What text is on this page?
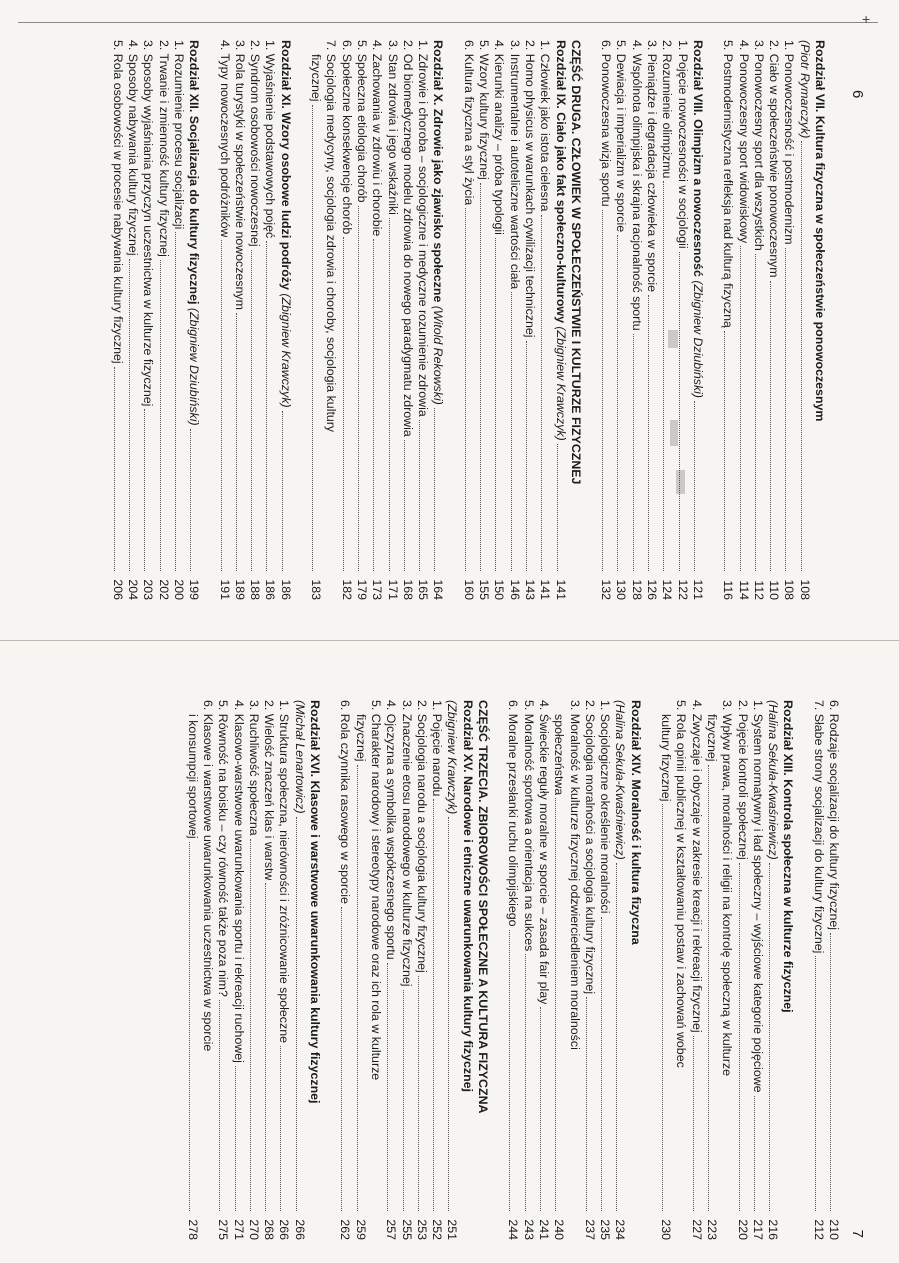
+
6
Rozdział VII. Kultura fizyczna w społeczeństwie ponowoczesnym
(Piotr Rymarczyk)
108
1. Ponowoczesność i postmodernizm
108
2. Ciało w społeczeństwie ponowoczesnym
110
3. Ponowoczesny sport dla wszystkich
112
4. Ponowoczesny sport widowiskowy
114
5. Postmodernistyczna refleksja nad kulturą fizyczną
116
Rozdział VIII. Olimpizm a nowoczesność (Zbigniew Dziubiński)
121
1. Pojęcie nowoczesności w socjologii
122
2. Rozumienie olimpizmu
124
3. Pieniądze i degradacja człowieka w sporcie
126
4. Wspólnota olimpijska i skrajna racjonalność sportu
128
5. Dewiacja i imperializm w sporcie
130
6. Ponowoczesna wizja sportu
132
CZĘŚĆ DRUGA. CZŁOWIEK W SPOŁECZEŃSTWIE I KULTURZE FIZYCZNEJ
Rozdział IX. Ciało jako fakt społeczno-kulturowy (Zbigniew Krawczyk)
141
1. Człowiek jako istota cielesna
141
2. Homo physicus w warunkach cywilizacji technicznej
143
3. Instrumentalne i autoteliczne wartości ciała
146
4. Kierunki analizy – próba typologii
150
5. Wzory kultury fizycznej
155
6. Kultura fizyczna a styl życia
160
Rozdział X. Zdrowie jako zjawisko społeczne (Witold Rekowski)
164
1. Zdrowie i choroba – socjologiczne i medyczne rozumienie zdrowia
165
2. Od biomedycznego modelu zdrowia do nowego paradygmatu zdrowia
168
3. Stan zdrowia i jego wskaźniki
171
4. Zachowania w zdrowiu i chorobie
173
5. Społeczna etiologia chorób
179
6. Społeczne konsekwencje chorób
182
7. Socjologia medycyny, socjologia zdrowia i choroby, socjologia kultury
fizycznej
183
Rozdział XI. Wzory osobowe ludzi podróży (Zbigniew Krawczyk)
186
1. Wyjaśnienie podstawowych pojęć
186
2. Syndrom osobowości nowoczesnej
188
3. Rola turystyki w społeczeństwie nowoczesnym
189
4. Typy nowoczesnych podróżników
191
Rozdział XII. Socjalizacja do kultury fizycznej (Zbigniew Dziubiński)
199
1. Rozumienie procesu socjalizacji
200
2. Trwanie i zmienność kultury fizycznej
202
3. Sposoby wyjaśniania przyczyn uczestnictwa w kulturze fizycznej
203
4. Sposoby nabywania kultury fizycznej
204
5. Rola osobowości w procesie nabywania kultury fizycznej
206
7
6. Rodzaje socjalizacji do kultury fizycznej
210
7. Słabe strony socjalizacji do kultury fizycznej
212
Rozdział XIII. Kontrola społeczna w kulturze fizycznej
(Halina Sekuła-Kwaśniewicz)
216
1. System normatywny i ład społeczny – wyjściowe kategorie pojęciowe
217
2. Pojęcie kontroli społecznej
220
3. Wpływ prawa, moralności i religii na kontrolę społeczną w kulturze
fizycznej
223
4. Zwyczaje i obyczaje w zakresie kreacji i rekreacji fizycznej
227
5. Rola opinii publicznej w kształtowaniu postaw i zachowań wobec
kultury fizycznej
230
Rozdział XIV. Moralność i kultura fizyczna
(Halina Sekuła-Kwaśniewicz)
234
1. Socjologiczne określenie moralności
235
2. Socjologia moralności a socjologia kultury fizycznej
237
3. Moralność w kulturze fizycznej odzwierciedleniem moralności
społeczeństwa
240
4. Świeckie reguły moralne w sporcie – zasada fair play
241
5. Moralność sportowa a orientacja na sukces
243
6. Moralne przesłanki ruchu olimpijskiego
244
CZĘŚĆ TRZECIA. ZBIOROWOŚCI SPOŁECZNE A KULTURA FIZYCZNA
Rozdział XV. Narodowe i etniczne uwarunkowania kultury fizycznej
(Zbigniew Krawczyk)
251
1. Pojęcie narodu
252
2. Socjologia narodu a socjologia kultury fizycznej
253
3. Znaczenie etosu narodowego w kulturze fizycznej
255
4. Ojczyzna a symbolika współczesnego sportu
257
5. Charakter narodowy i stereotypy narodowe oraz ich rola w kulturze
fizycznej
259
6. Rola czynnika rasowego w sporcie
262
Rozdział XVI. Klasowe i warstwowe uwarunkowania kultury fizycznej
(Michał Lenartowicz)
266
1. Struktura społeczna, nierówności i zróżnicowanie społeczne
266
2. Wielość znaczeń klas i warstw
268
3. Ruchliwość społeczna
270
4. Klasowo-warstwowe uwarunkowania sportu i rekreacji ruchowej
271
5. Równość na boisku – czy równość także poza nim?
275
6. Klasowe i warstwowe uwarunkowania uczestnictwa w sporcie
i konsumpcji sportowej
278
